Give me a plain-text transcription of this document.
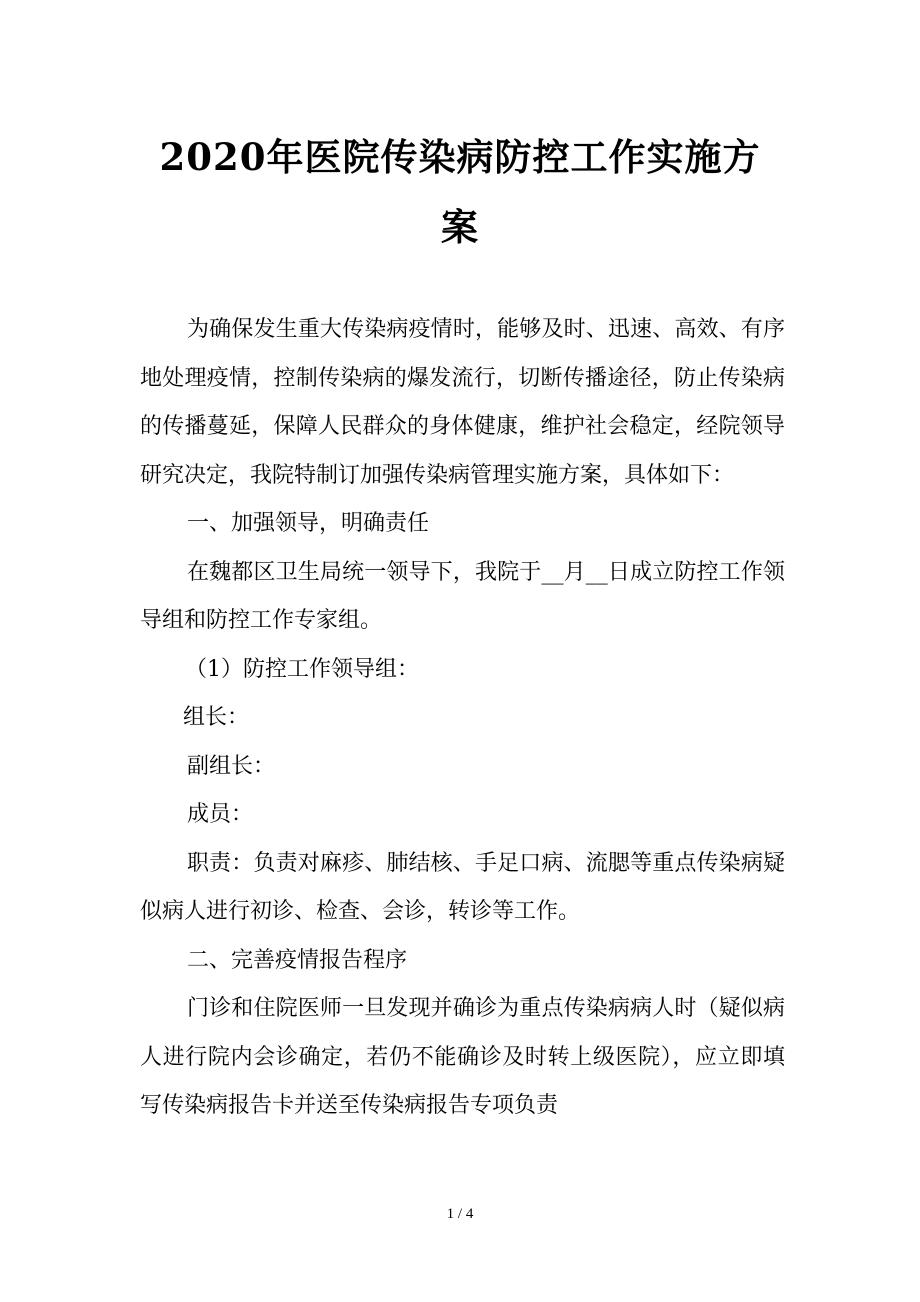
2020年医院传染病防控工作实施方
案

为确保发生重大传染病疫情时，能够及时、迅速、高效、有序地处理疫情，控制传染病的爆发流行，切断传播途径，防止传染病的传播蔓延，保障人民群众的身体健康，维护社会稳定，经院领导研究决定，我院特制订加强传染病管理实施方案，具体如下：

一、加强领导，明确责任

在魏都区卫生局统一领导下，我院于__月__日成立防控工作领导组和防控工作专家组。

（1）防控工作领导组：

组长：

副组长：

成员：

职责：负责对麻疹、肺结核、手足口病、流腮等重点传染病疑似病人进行初诊、检查、会诊，转诊等工作。

二、完善疫情报告程序

门诊和住院医师一旦发现并确诊为重点传染病病人时（疑似病人进行院内会诊确定，若仍不能确诊及时转上级医院），应立即填写传染病报告卡并送至传染病报告专项负责

1 / 4
